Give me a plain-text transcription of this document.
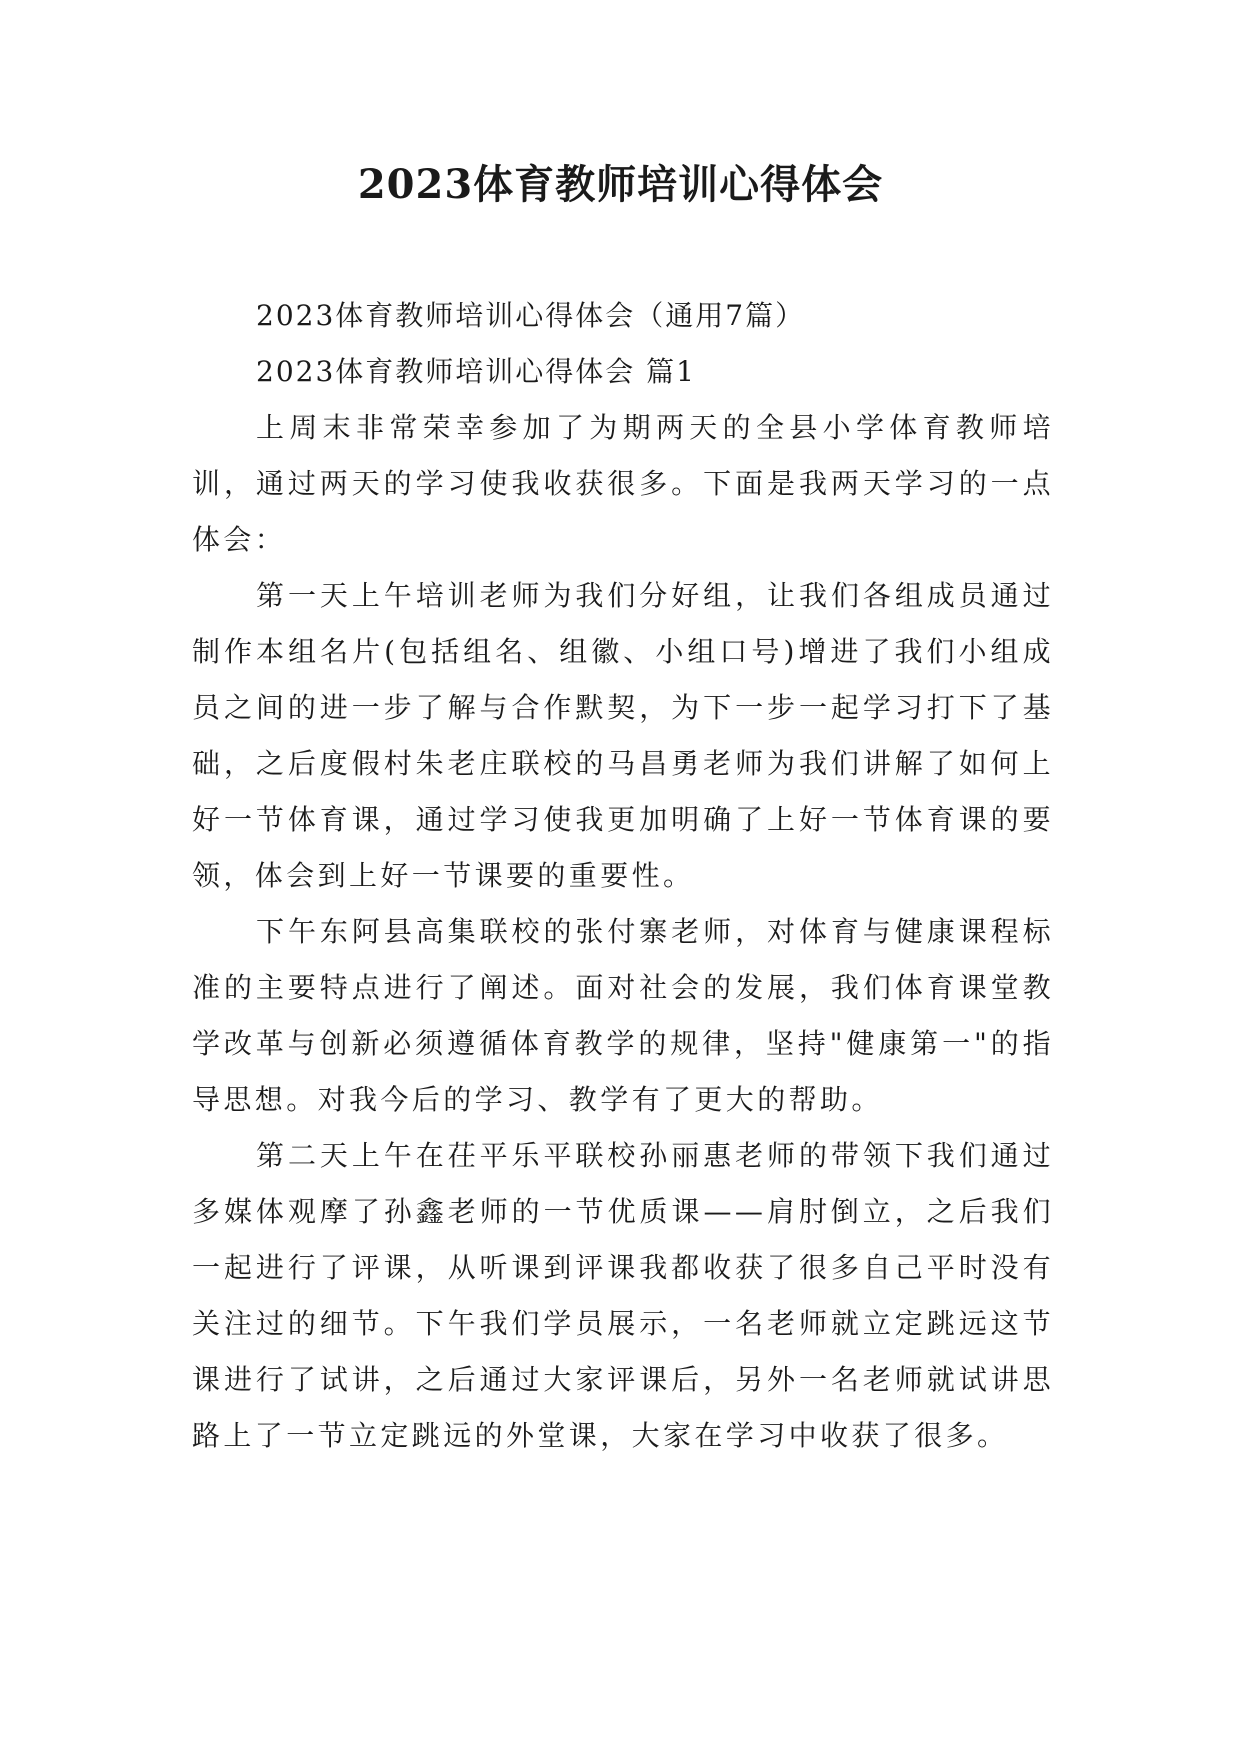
2023体育教师培训心得体会

2023体育教师培训心得体会（通用7篇）

2023体育教师培训心得体会 篇1

上周末非常荣幸参加了为期两天的全县小学体育教师培训，通过两天的学习使我收获很多。下面是我两天学习的一点体会：

第一天上午培训老师为我们分好组，让我们各组成员通过制作本组名片(包括组名、组徽、小组口号)增进了我们小组成员之间的进一步了解与合作默契，为下一步一起学习打下了基础，之后度假村朱老庄联校的马昌勇老师为我们讲解了如何上好一节体育课，通过学习使我更加明确了上好一节体育课的要领，体会到上好一节课要的重要性。

下午东阿县高集联校的张付寨老师，对体育与健康课程标准的主要特点进行了阐述。面对社会的发展，我们体育课堂教学改革与创新必须遵循体育教学的规律，坚持"健康第一"的指导思想。对我今后的学习、教学有了更大的帮助。

第二天上午在茌平乐平联校孙丽惠老师的带领下我们通过多媒体观摩了孙鑫老师的一节优质课——肩肘倒立，之后我们一起进行了评课，从听课到评课我都收获了很多自己平时没有关注过的细节。下午我们学员展示，一名老师就立定跳远这节课进行了试讲，之后通过大家评课后，另外一名老师就试讲思路上了一节立定跳远的外堂课，大家在学习中收获了很多。
